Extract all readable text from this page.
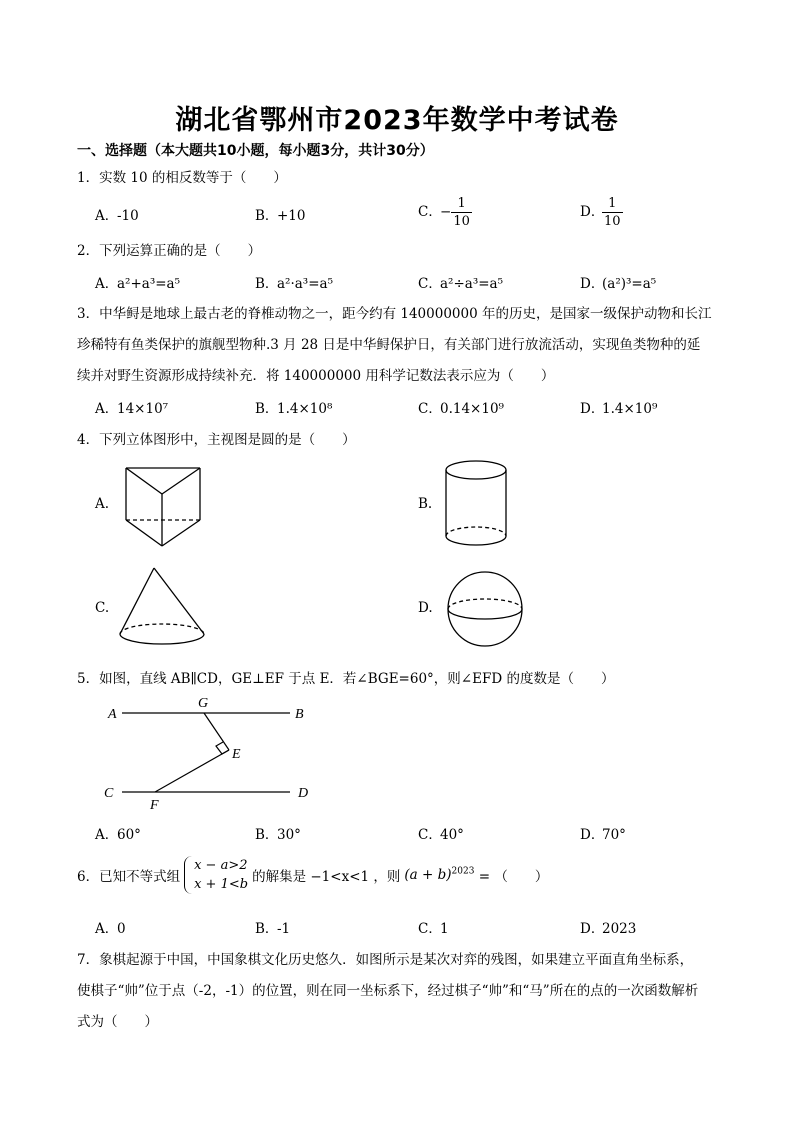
湖北省鄂州市2023年数学中考试卷
一、选择题（本大题共10小题，每小题3分，共计30分）
1．实数 10 的相反数等于（　　）
A．-10	B．+10	C．− $\frac{1}{10}$	D．
$\frac{1}{10}$
2．下列运算正确的是（　　）
A．a²+a³=a⁵	B．a²·a³=a⁵	C．a²÷a³=a⁵	D．(a²)³=a⁵
3．中华鲟是地球上最古老的脊椎动物之一，距今约有 140000000 年的历史，是国家一级保护动物和长江
珍稀特有鱼类保护的旗舰型物种.3 月 28 日是中华鲟保护日，有关部门进行放流活动，实现鱼类物种的延
续并对野生资源形成持续补充．将 140000000 用科学记数法表示应为（　　）
A．14×10⁷	B．1.4×10⁸	C．0.14×10⁹	D．1.4×10⁹
4．下列立体图形中，主视图是圆的是（　　）
A.	B.
C.	D.
5．如图，直线 AB∥CD，GE⊥EF 于点 E．若∠BGE=60°，则∠EFD 的度数是（　　）
A
G
B
E
C
F
D
A．60°	B．30°	C．40°	D．70°
6．已知不等式组
x − a>2
x + 1<b 的解集是 −1<x<1 ，则 $(a + b)^{2023}$ = （　　）
A．0	B．-1	C．1	D．2023
7．象棋起源于中国，中国象棋文化历史悠久．如图所示是某次对弈的残图，如果建立平面直角坐标系，
使棋子“帅”位于点（-2，-1）的位置，则在同一坐标系下，经过棋子“帅”和“马”所在的点的一次函数解析
式为（　　）
